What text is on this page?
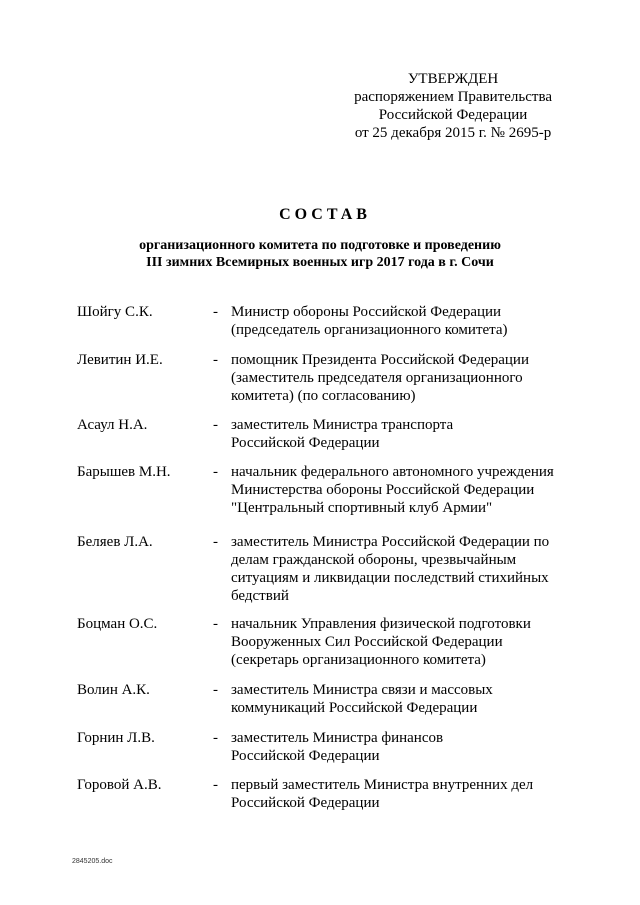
УТВЕРЖДЕН
распоряжением Правительства
Российской Федерации
от 25 декабря 2015 г. № 2695-р
СОСТАВ
организационного комитета по подготовке и проведению
III зимних Всемирных военных игр 2017 года в г. Сочи
Шойгу С.К.	- Министр обороны Российской Федерации
(председатель организационного комитета)
Левитин И.Е.	- помощник Президента Российской Федерации
(заместитель председателя организационного
комитета) (по согласованию)
Асаул Н.А.	- заместитель Министра транспорта
Российской Федерации
Барышев М.Н.	- начальник федерального автономного учреждения
Министерства обороны Российской Федерации
"Центральный спортивный клуб Армии"
Беляев Л.А.	- заместитель Министра Российской Федерации по
делам гражданской обороны, чрезвычайным
ситуациям и ликвидации последствий стихийных
бедствий
Боцман О.С.	- начальник Управления физической подготовки
Вооруженных Сил Российской Федерации
(секретарь организационного комитета)
Волин А.К.	- заместитель Министра связи и массовых
коммуникаций Российской Федерации
Горнин Л.В.	- заместитель Министра финансов
Российской Федерации
Горовой А.В.	- первый заместитель Министра внутренних дел
Российской Федерации
2845205.doc
